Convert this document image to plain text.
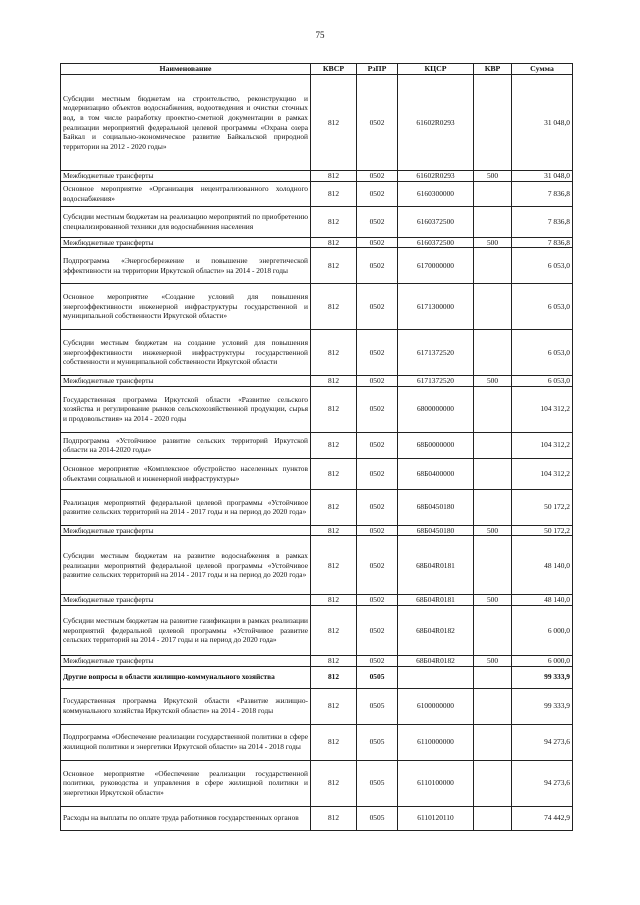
75
Наименование	КВСР	РзПР	КЦСР	КВР	Сумма
Субсидии местным бюджетам на строительство, реконструкцию и модернизацию объектов водоснабжения, водоотведения и очистки сточных вод, в том числе разработку проектно-сметной документации в рамках реализации мероприятий федеральной целевой программы «Охрана озера Байкал и социально-экономическое развитие Байкальской природной территории на 2012 - 2020 годы»	812	0502	61602R0293		31 048,0
Межбюджетные трансферты	812	0502	61602R0293	500	31 048,0
Основное мероприятие «Организация нецентрализованного холодного водоснабжения»	812	0502	6160300000		7 836,8
Субсидии местным бюджетам на реализацию мероприятий по приобретению специализированной техники для водоснабжения населения	812	0502	6160372500		7 836,8
Межбюджетные трансферты	812	0502	6160372500	500	7 836,8
Подпрограмма «Энергосбережение и повышение энергетической эффективности на территории Иркутской области» на 2014 - 2018 годы	812	0502	6170000000		6 053,0
Основное мероприятие «Создание условий для повышения энергоэффективности инженерной инфраструктуры государственной и муниципальной собственности Иркутской области»	812	0502	6171300000		6 053,0
Субсидии местным бюджетам на создание условий для повышения энергоэффективности инженерной инфраструктуры государственной собственности и муниципальной собственности Иркутской области	812	0502	6171372520		6 053,0
Межбюджетные трансферты	812	0502	6171372520	500	6 053,0
Государственная программа Иркутской области «Развитие сельского хозяйства и регулирование рынков сельскохозяйственной продукции, сырья и продовольствия» на 2014 - 2020 годы	812	0502	6800000000		104 312,2
Подпрограмма «Устойчивое развитие сельских территорий Иркутской области на 2014-2020 годы»	812	0502	68Б0000000		104 312,2
Основное мероприятие «Комплексное обустройство населенных пунктов объектами социальной и инженерной инфраструктуры»	812	0502	68Б0400000		104 312,2
Реализация мероприятий федеральной целевой программы «Устойчивое развитие сельских территорий на 2014 - 2017 годы и на период до 2020 года»	812	0502	68Б0450180		50 172,2
Межбюджетные трансферты	812	0502	68Б0450180	500	50 172,2
Субсидии местным бюджетам на развитие водоснабжения в рамках реализации мероприятий федеральной целевой программы «Устойчивое развитие сельских территорий на 2014 - 2017 годы и на период до 2020 года»	812	0502	68Б04R0181		48 140,0
Межбюджетные трансферты	812	0502	68Б04R0181	500	48 140,0
Субсидии местным бюджетам на развитие газификации в рамках реализации мероприятий федеральной целевой программы «Устойчивое развитие сельских территорий на 2014 - 2017 годы и на период до 2020 года»	812	0502	68Б04R0182		6 000,0
Межбюджетные трансферты	812	0502	68Б04R0182	500	6 000,0
Другие вопросы в области жилищно-коммунального хозяйства	812	0505			99 333,9
Государственная программа Иркутской области «Развитие жилищно-коммунального хозяйства Иркутской области» на 2014 - 2018 годы	812	0505	6100000000		99 333,9
Подпрограмма «Обеспечение реализации государственной политики в сфере жилищной политики и энергетики Иркутской области» на 2014 - 2018 годы	812	0505	6110000000		94 273,6
Основное мероприятие «Обеспечение реализации государственной политики, руководства и управления в сфере жилищной политики и энергетики Иркутской области»	812	0505	6110100000		94 273,6
Расходы на выплаты по оплате труда работников государственных органов	812	0505	6110120110		74 442,9
